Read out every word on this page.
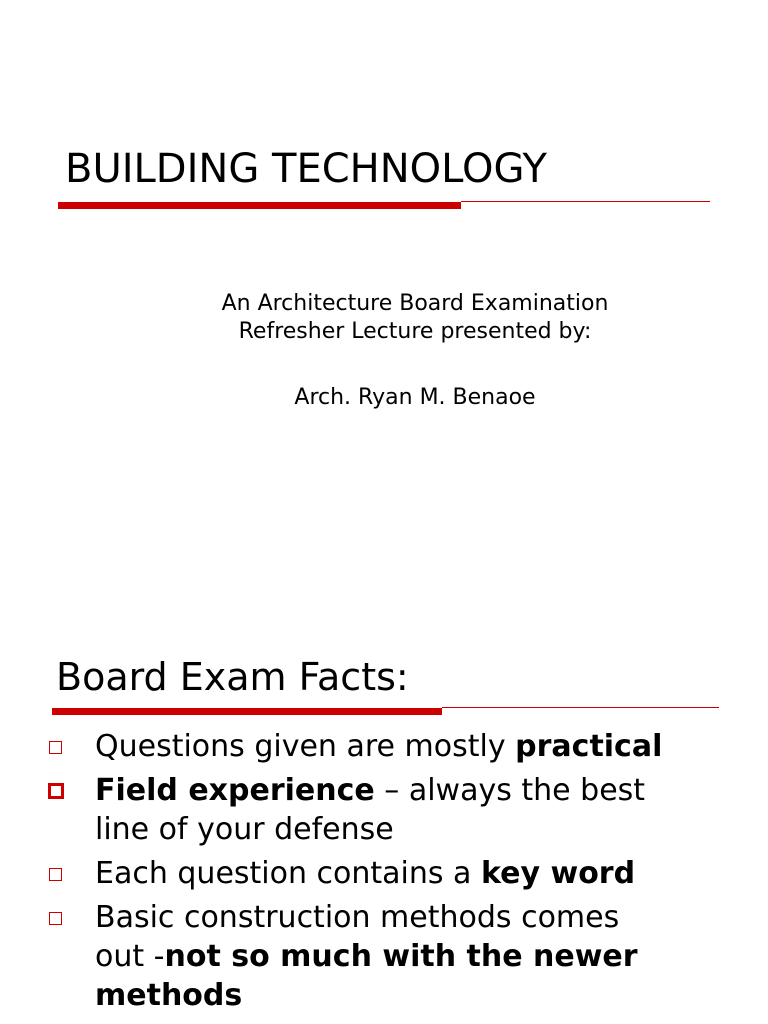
BUILDING TECHNOLOGY
An Architecture Board Examination
Refresher Lecture presented by:
Arch. Ryan M. Benaoe
Board Exam Facts:
Questions given are mostly practical
Field experience – always the best
line of your defense
Each question contains a key word
Basic construction methods comes
out -not so much with the newer
methods
